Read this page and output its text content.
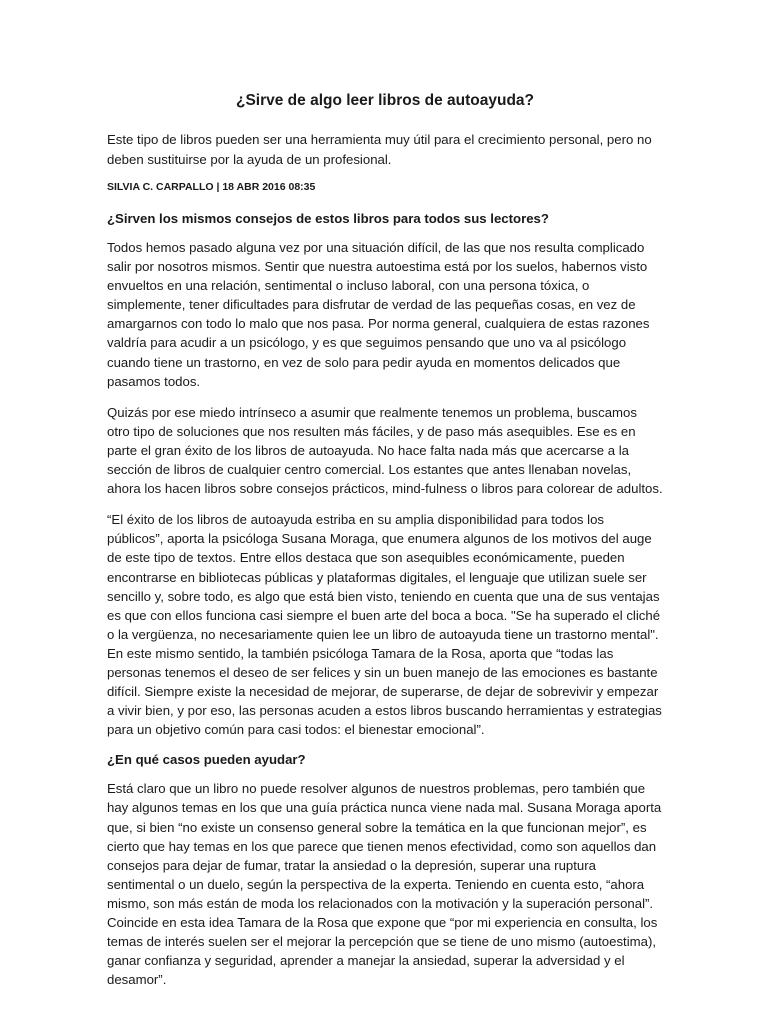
¿Sirve de algo leer libros de autoayuda?

Este tipo de libros pueden ser una herramienta muy útil para el crecimiento personal, pero no deben sustituirse por la ayuda de un profesional.

SILVIA C. CARPALLO | 18 ABR 2016 08:35

¿Sirven los mismos consejos de estos libros para todos sus lectores?

Todos hemos pasado alguna vez por una situación difícil, de las que nos resulta complicado salir por nosotros mismos. Sentir que nuestra autoestima está por los suelos, habernos visto envueltos en una relación, sentimental o incluso laboral, con una persona tóxica, o simplemente, tener dificultades para disfrutar de verdad de las pequeñas cosas, en vez de amargarnos con todo lo malo que nos pasa. Por norma general, cualquiera de estas razones valdría para acudir a un psicólogo, y es que seguimos pensando que uno va al psicólogo cuando tiene un trastorno, en vez de solo para pedir ayuda en momentos delicados que pasamos todos.

Quizás por ese miedo intrínseco a asumir que realmente tenemos un problema, buscamos otro tipo de soluciones que nos resulten más fáciles, y de paso más asequibles. Ese es en parte el gran éxito de los libros de autoayuda. No hace falta nada más que acercarse a la sección de libros de cualquier centro comercial. Los estantes que antes llenaban novelas, ahora los hacen libros sobre consejos prácticos, mind-fulness o libros para colorear de adultos.

“El éxito de los libros de autoayuda estriba en su amplia disponibilidad para todos los públicos”, aporta la psicóloga Susana Moraga, que enumera algunos de los motivos del auge de este tipo de textos. Entre ellos destaca que son asequibles económicamente, pueden encontrarse en bibliotecas públicas y plataformas digitales, el lenguaje que utilizan suele ser sencillo y, sobre todo, es algo que está bien visto, teniendo en cuenta que una de sus ventajas es que con ellos funciona casi siempre el buen arte del boca a boca. "Se ha superado el cliché o la vergüenza, no necesariamente quien lee un libro de autoayuda tiene un trastorno mental". En este mismo sentido, la también psicóloga Tamara de la Rosa, aporta que “todas las personas tenemos el deseo de ser felices y sin un buen manejo de las emociones es bastante difícil. Siempre existe la necesidad de mejorar, de superarse, de dejar de sobrevivir y empezar a vivir bien, y por eso, las personas acuden a estos libros buscando herramientas y estrategias para un objetivo común para casi todos: el bienestar emocional”.

¿En qué casos pueden ayudar?

Está claro que un libro no puede resolver algunos de nuestros problemas, pero también que hay algunos temas en los que una guía práctica nunca viene nada mal. Susana Moraga aporta que, si bien “no existe un consenso general sobre la temática en la que funcionan mejor”, es cierto que hay temas en los que parece que tienen menos efectividad, como son aquellos dan consejos para dejar de fumar, tratar la ansiedad o la depresión, superar una ruptura sentimental o un duelo, según la perspectiva de la experta. Teniendo en cuenta esto, “ahora mismo, son más están de moda los relacionados con la motivación y la superación personal”. Coincide en esta idea Tamara de la Rosa que expone que “por mi experiencia en consulta, los temas de interés suelen ser el mejorar la percepción que se tiene de uno mismo (autoestima), ganar confianza y seguridad, aprender a manejar la ansiedad, superar la adversidad y el desamor”.
